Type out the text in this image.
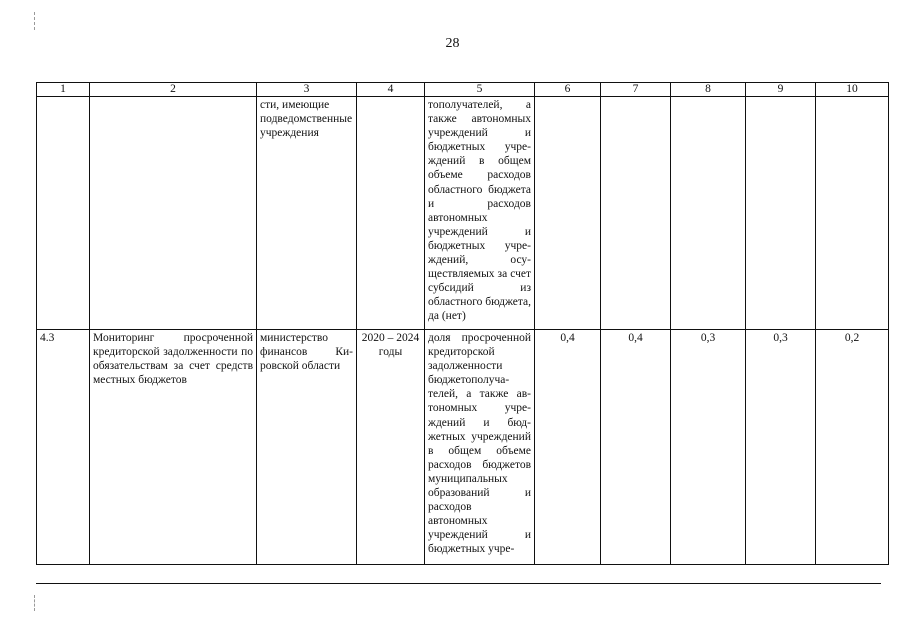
28
1	2	3	4	5	6	7	8	9	10
		сти, имеющие подведомственные учреждения		тополучателей, а также автономных учреждений и бюджетных учреждений в общем объеме расходов областного бюджета и расходов автономных учреждений и бюджетных учреждений, осуществляемых за счет субсидий из областного бюджета, да (нет)					
4.3	Мониторинг просроченной кредиторской задолженности по обязательствам за счет средств местных бюджетов	министерство финансов Кировской области	2020 – 2024 годы	доля просроченной кредиторской задолженности бюджетополучателей, а также автономных учреждений и бюджетных учреждений в общем объеме расходов бюджетов муниципальных образований и расходов автономных учреждений и бюджетных учре-	0,4	0,4	0,3	0,3	0,2
